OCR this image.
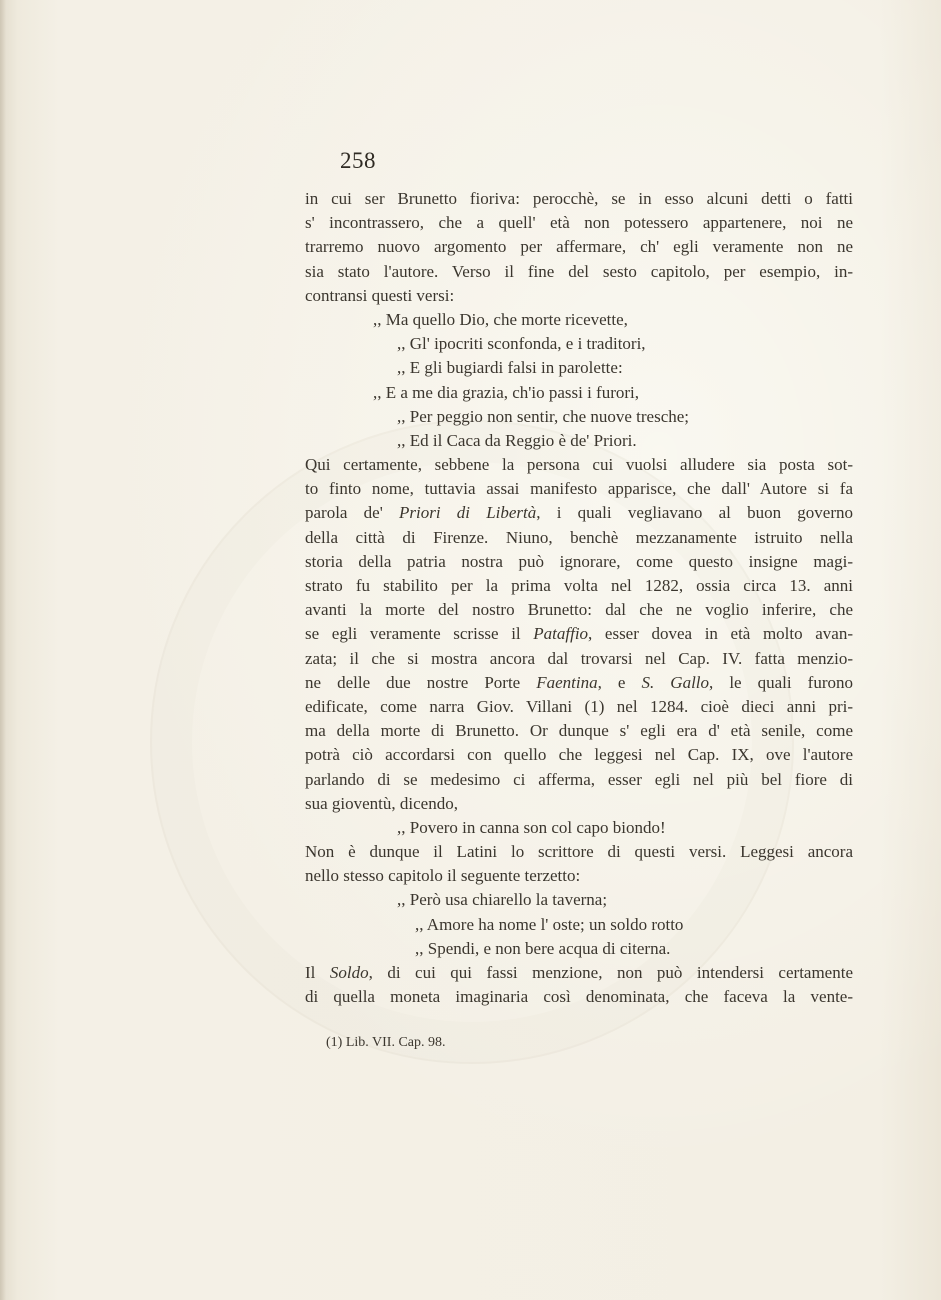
258
in cui ser Brunetto fioriva: perocchè, se in esso alcuni detti o fatti
s' incontrassero, che a quell' età non potessero appartenere, noi ne
trarremo nuovo argomento per affermare, ch' egli veramente non ne
sia stato l'autore. Verso il fine del sesto capitolo, per esempio, in-
contransi questi versi:
,, Ma quello Dio, che morte ricevette,
,, Gl' ipocriti sconfonda, e i traditori,
,, E gli bugiardi falsi in parolette:
,, E a me dia grazia, ch'io passi i furori,
,, Per peggio non sentir, che nuove tresche;
,, Ed il Caca da Reggio è de' Priori.
Qui certamente, sebbene la persona cui vuolsi alludere sia posta sot-
to finto nome, tuttavia assai manifesto apparisce, che dall' Autore si fa
parola de' Priori di Libertà, i quali vegliavano al buon governo
della città di Firenze. Niuno, benchè mezzanamente istruito nella
storia della patria nostra può ignorare, come questo insigne magi-
strato fu stabilito per la prima volta nel 1282, ossia circa 13. anni
avanti la morte del nostro Brunetto: dal che ne voglio inferire, che
se egli veramente scrisse il Pataffio, esser dovea in età molto avan-
zata; il che si mostra ancora dal trovarsi nel Cap. IV. fatta menzio-
ne delle due nostre Porte Faentina, e S. Gallo, le quali furono
edificate, come narra Giov. Villani (1) nel 1284. cioè dieci anni pri-
ma della morte di Brunetto. Or dunque s' egli era d' età senile, come
potrà ciò accordarsi con quello che leggesi nel Cap. IX, ove l'autore
parlando di se medesimo ci afferma, esser egli nel più bel fiore di
sua gioventù, dicendo,
,, Povero in canna son col capo biondo!
Non è dunque il Latini lo scrittore di questi versi. Leggesi ancora
nello stesso capitolo il seguente terzetto:
,, Però usa chiarello la taverna;
,, Amore ha nome l' oste; un soldo rotto
,, Spendi, e non bere acqua di citerna.
Il Soldo, di cui qui fassi menzione, non può intendersi certamente
di quella moneta imaginaria così denominata, che faceva la vente-
(1) Lib. VII. Cap. 98.
